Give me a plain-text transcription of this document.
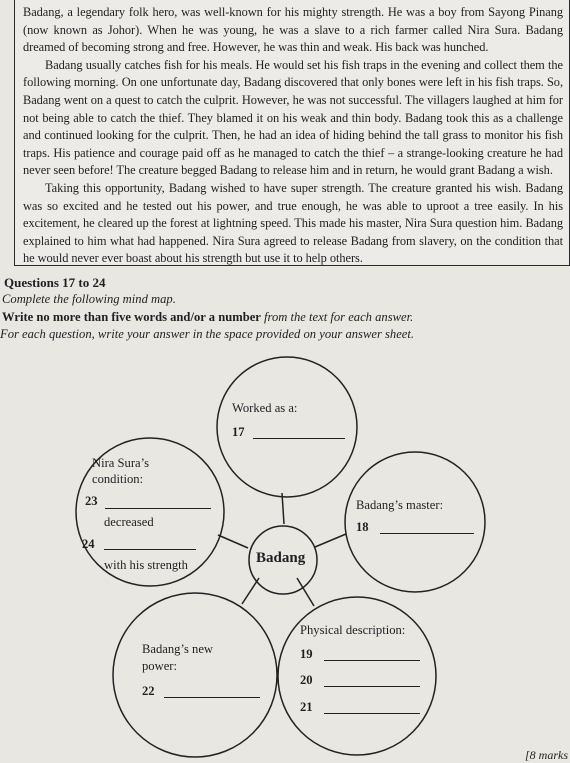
Badang, a legendary folk hero, was well-known for his mighty strength. He was a boy from Sayong Pinang (now known as Johor). When he was young, he was a slave to a rich farmer called Nira Sura. Badang dreamed of becoming strong and free. However, he was thin and weak. His back was hunched.

Badang usually catches fish for his meals. He would set his fish traps in the evening and collect them the following morning. On one unfortunate day, Badang discovered that only bones were left in his fish traps. So, Badang went on a quest to catch the culprit. However, he was not successful. The villagers laughed at him for not being able to catch the thief. They blamed it on his weak and thin body. Badang took this as a challenge and continued looking for the culprit. Then, he had an idea of hiding behind the tall grass to monitor his fish traps. His patience and courage paid off as he managed to catch the thief – a strange-looking creature he had never seen before! The creature begged Badang to release him and in return, he would grant Badang a wish.

Taking this opportunity, Badang wished to have super strength. The creature granted his wish. Badang was so excited and he tested out his power, and true enough, he was able to uproot a tree easily. In his excitement, he cleared up the forest at lightning speed. This made his master, Nira Sura question him. Badang explained to him what had happened. Nira Sura agreed to release Badang from slavery, on the condition that he would never ever boast about his strength but use it to help others.

Questions 17 to 24
Complete the following mind map.
Write no more than five words and/or a number from the text for each answer.
For each question, write your answer in the space provided on your answer sheet.
Badang
Worked as a:
17
Badang’s master:
18
Nira Sura’s
condition:
23
decreased
24
with his strength
Physical description:
19
20
21
Badang’s new
power:
22
[8 marks
